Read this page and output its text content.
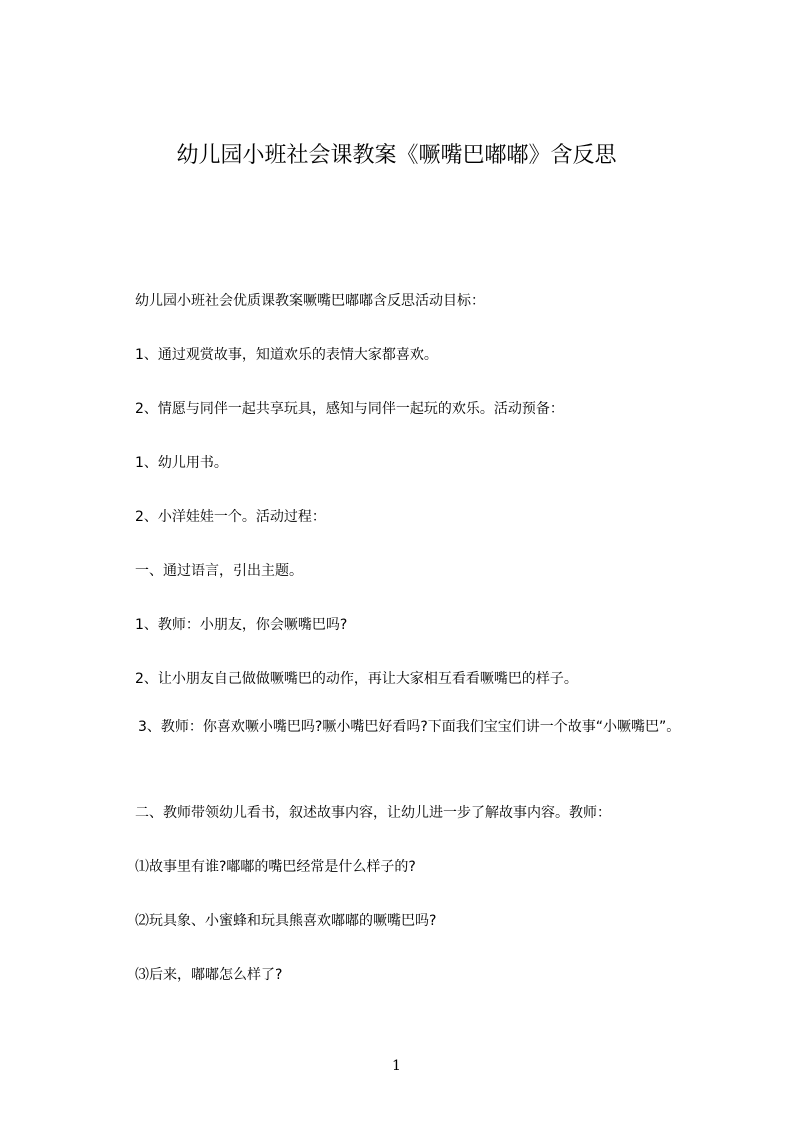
幼儿园小班社会课教案《噘嘴巴嘟嘟》含反思

幼儿园小班社会优质课教案噘嘴巴嘟嘟含反思活动目标：

1、通过观赏故事，知道欢乐的表情大家都喜欢。

2、情愿与同伴一起共享玩具，感知与同伴一起玩的欢乐。活动预备：

1、幼儿用书。

2、小洋娃娃一个。活动过程：

一、通过语言，引出主题。

1、教师：小朋友，你会噘嘴巴吗?

2、让小朋友自己做做噘嘴巴的动作，再让大家相互看看噘嘴巴的样子。

3、教师：你喜欢噘小嘴巴吗?噘小嘴巴好看吗?下面我们宝宝们讲一个故事“小噘嘴巴”。

二、教师带领幼儿看书，叙述故事内容，让幼儿进一步了解故事内容。教师：

⑴故事里有谁?嘟嘟的嘴巴经常是什么样子的?

⑵玩具象、小蜜蜂和玩具熊喜欢嘟嘟的噘嘴巴吗?

⑶后来，嘟嘟怎么样了?

1
